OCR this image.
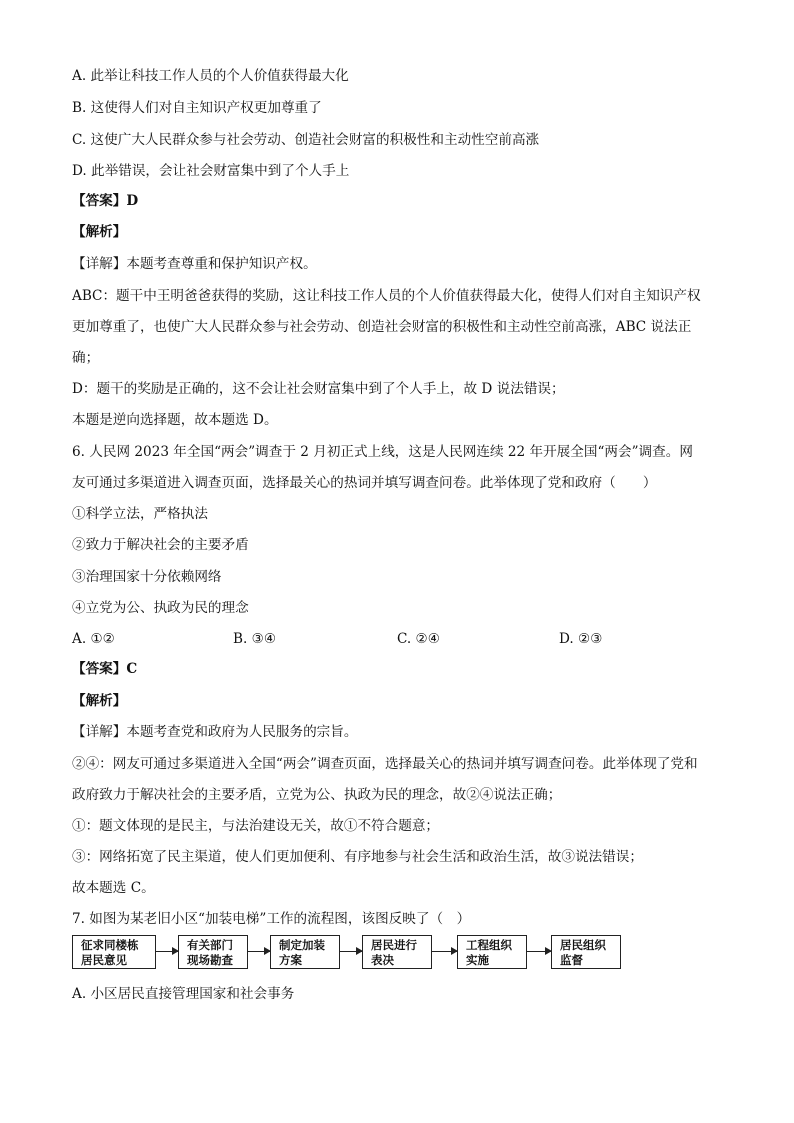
A. 此举让科技工作人员的个人价值获得最大化
B. 这使得人们对自主知识产权更加尊重了
C. 这使广大人民群众参与社会劳动、创造社会财富的积极性和主动性空前高涨
D. 此举错误，会让社会财富集中到了个人手上
【答案】D
【解析】
【详解】本题考查尊重和保护知识产权。
ABC：题干中王明爸爸获得的奖励，这让科技工作人员的个人价值获得最大化，使得人们对自主知识产权
更加尊重了，也使广大人民群众参与社会劳动、创造社会财富的积极性和主动性空前高涨，ABC 说法正
确；
D：题干的奖励是正确的，这不会让社会财富集中到了个人手上，故 D 说法错误；
本题是逆向选择题，故本题选 D。
6. 人民网 2023 年全国“两会”调查于 2 月初正式上线，这是人民网连续 22 年开展全国“两会”调查。网
友可通过多渠道进入调查页面，选择最关心的热词并填写调查问卷。此举体现了党和政府（　　）
①科学立法，严格执法
②致力于解决社会的主要矛盾
③治理国家十分依赖网络
④立党为公、执政为民的理念
A. ①②	B. ③④	C. ②④	D. ②③
【答案】C
【解析】
【详解】本题考查党和政府为人民服务的宗旨。
②④：网友可通过多渠道进入全国“两会”调查页面，选择最关心的热词并填写调查问卷。此举体现了党和
政府致力于解决社会的主要矛盾，立党为公、执政为民的理念，故②④说法正确；
①：题文体现的是民主，与法治建设无关，故①不符合题意；
③：网络拓宽了民主渠道，使人们更加便利、有序地参与社会生活和政治生活，故③说法错误；
故本题选 C。
7. 如图为某老旧小区“加装电梯”工作的流程图，该图反映了（　）
征求同楼栋
居民意见
有关部门
现场勘查
制定加装
方案
居民进行
表决
工程组织
实施
居民组织
监督
A. 小区居民直接管理国家和社会事务
